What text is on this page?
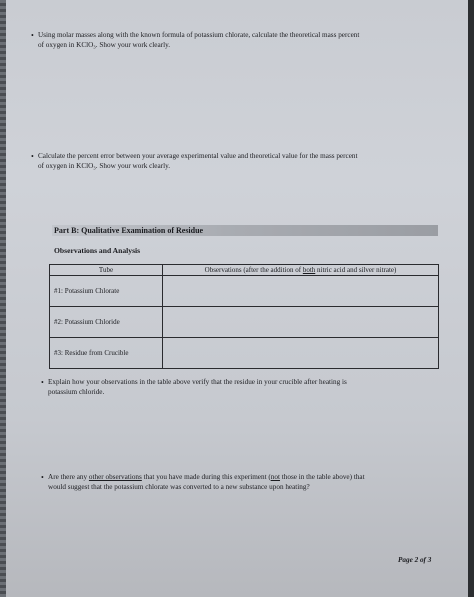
• Using molar masses along with the known formula of potassium chlorate, calculate the theoretical mass percent
of oxygen in KClO₃. Show your work clearly.
• Calculate the percent error between your average experimental value and theoretical value for the mass percent
of oxygen in KClO₃. Show your work clearly.
Part B: Qualitative Examination of Residue
Observations and Analysis
Tube	Observations (after the addition of both nitric acid and silver nitrate)
#1: Potassium Chlorate	
#2: Potassium Chloride	
#3: Residue from Crucible	
• Explain how your observations in the table above verify that the residue in your crucible after heating is
potassium chloride.
• Are there any other observations that you have made during this experiment (not those in the table above) that
would suggest that the potassium chlorate was converted to a new substance upon heating?
Page 2 of 3
